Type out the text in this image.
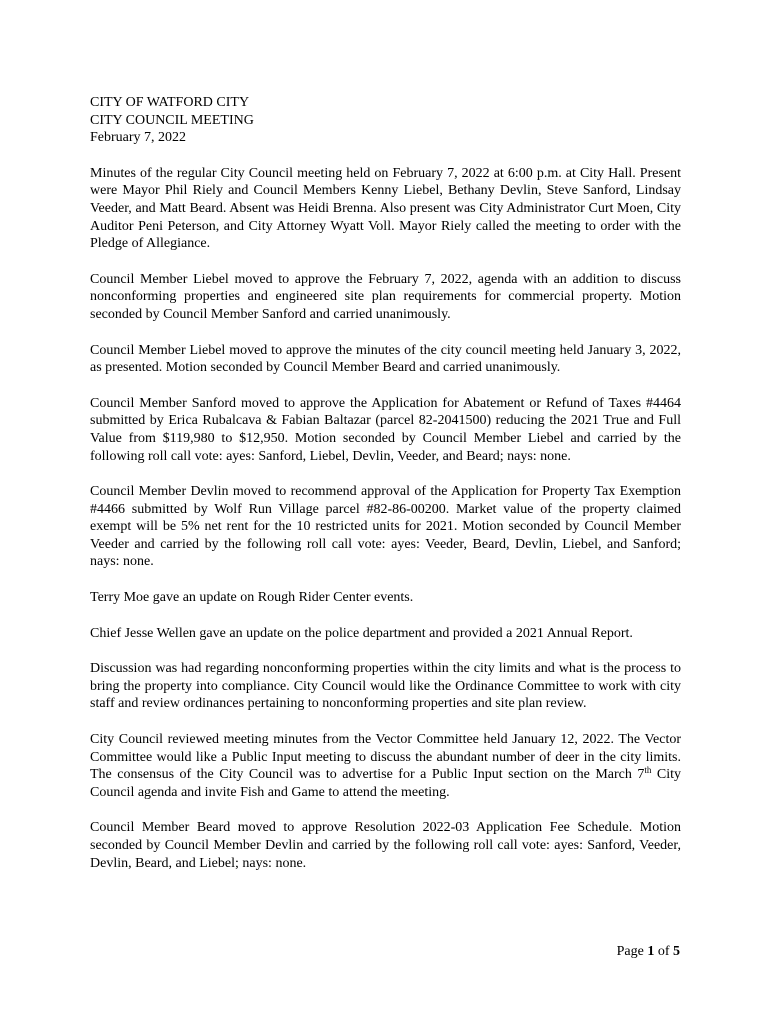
CITY OF WATFORD CITY

CITY COUNCIL MEETING

February 7, 2022

Minutes of the regular City Council meeting held on February 7, 2022 at 6:00 p.m. at City Hall. Present were Mayor Phil Riely and Council Members Kenny Liebel, Bethany Devlin, Steve Sanford, Lindsay Veeder, and Matt Beard. Absent was Heidi Brenna. Also present was City Administrator Curt Moen, City Auditor Peni Peterson, and City Attorney Wyatt Voll. Mayor Riely called the meeting to order with the Pledge of Allegiance.

Council Member Liebel moved to approve the February 7, 2022, agenda with an addition to discuss nonconforming properties and engineered site plan requirements for commercial property. Motion seconded by Council Member Sanford and carried unanimously.

Council Member Liebel moved to approve the minutes of the city council meeting held January 3, 2022, as presented. Motion seconded by Council Member Beard and carried unanimously.

Council Member Sanford moved to approve the Application for Abatement or Refund of Taxes #4464 submitted by Erica Rubalcava & Fabian Baltazar (parcel 82-2041500) reducing the 2021 True and Full Value from $119,980 to $12,950. Motion seconded by Council Member Liebel and carried by the following roll call vote: ayes: Sanford, Liebel, Devlin, Veeder, and Beard; nays: none.

Council Member Devlin moved to recommend approval of the Application for Property Tax Exemption #4466 submitted by Wolf Run Village parcel #82-86-00200. Market value of the property claimed exempt will be 5% net rent for the 10 restricted units for 2021. Motion seconded by Council Member Veeder and carried by the following roll call vote: ayes: Veeder, Beard, Devlin, Liebel, and Sanford; nays: none.

Terry Moe gave an update on Rough Rider Center events.

Chief Jesse Wellen gave an update on the police department and provided a 2021 Annual Report.

Discussion was had regarding nonconforming properties within the city limits and what is the process to bring the property into compliance. City Council would like the Ordinance Committee to work with city staff and review ordinances pertaining to nonconforming properties and site plan review.

City Council reviewed meeting minutes from the Vector Committee held January 12, 2022. The Vector Committee would like a Public Input meeting to discuss the abundant number of deer in the city limits. The consensus of the City Council was to advertise for a Public Input section on the March 7th City Council agenda and invite Fish and Game to attend the meeting.

Council Member Beard moved to approve Resolution 2022-03 Application Fee Schedule. Motion seconded by Council Member Devlin and carried by the following roll call vote: ayes: Sanford, Veeder, Devlin, Beard, and Liebel; nays: none.

Page 1 of 5
